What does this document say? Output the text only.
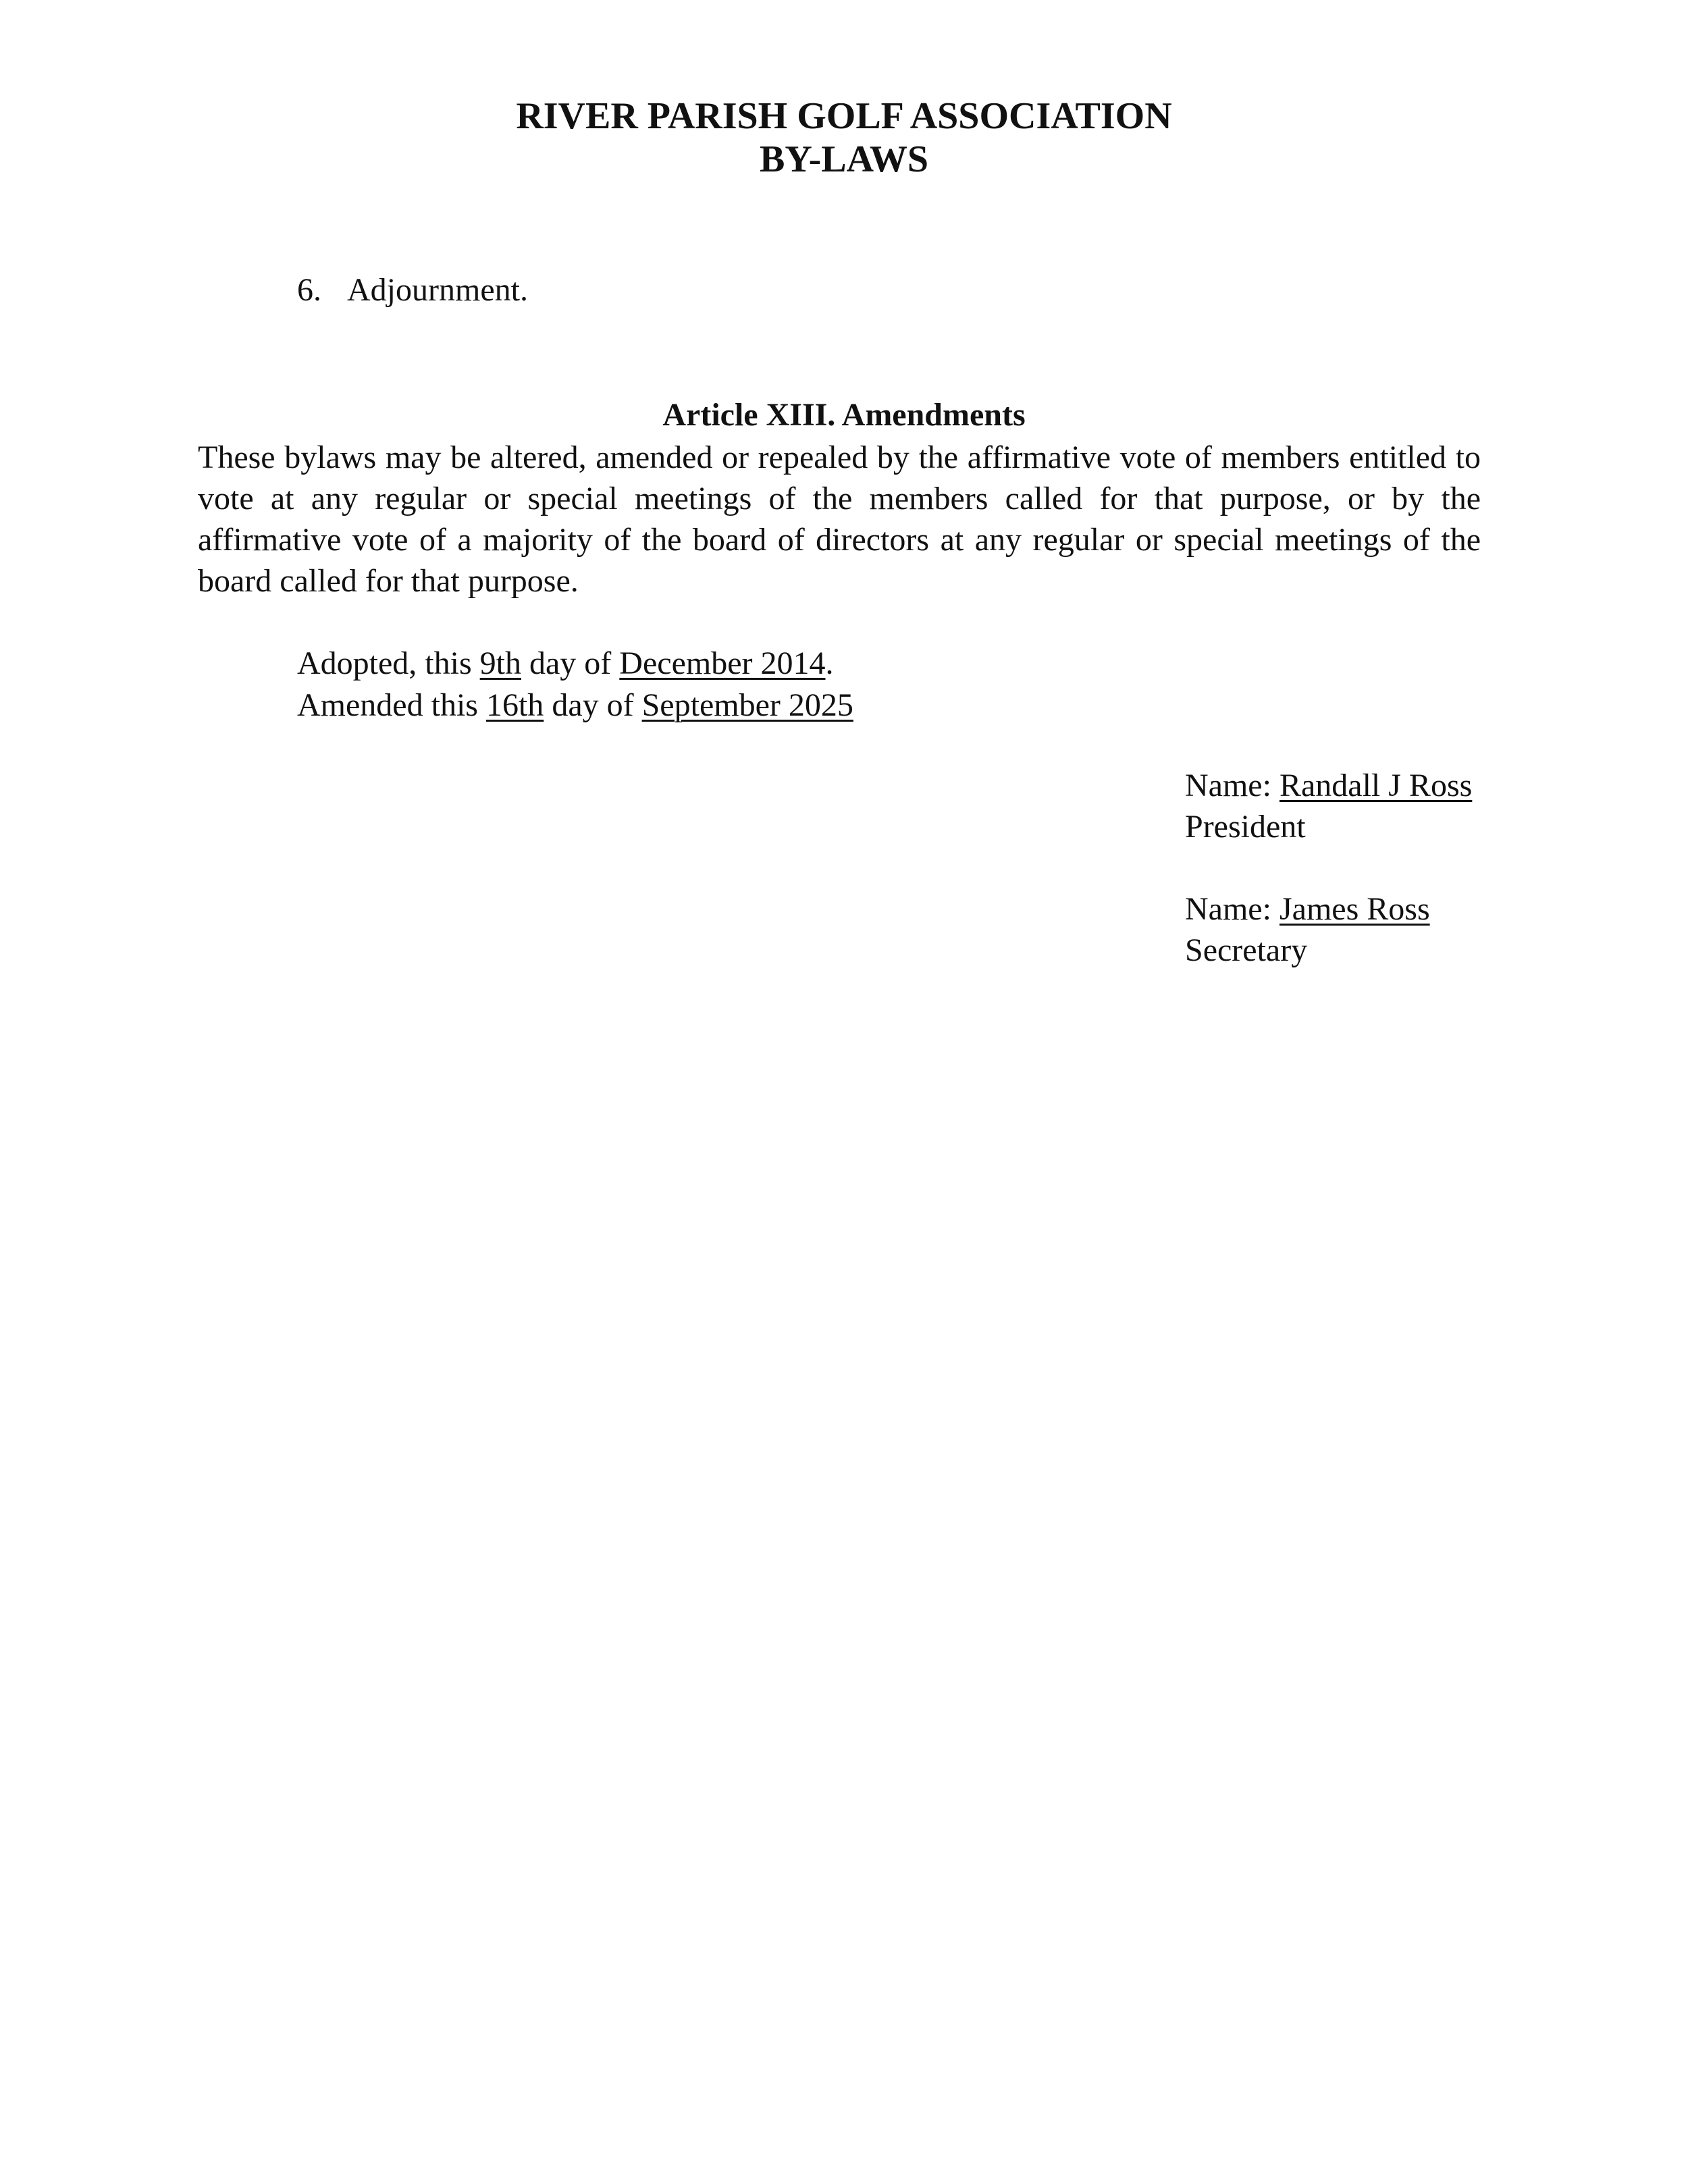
RIVER PARISH GOLF ASSOCIATION
BY-LAWS
6. Adjournment.
Article XIII. Amendments
These bylaws may be altered, amended or repealed by the affirmative vote of members entitled to vote at any regular or special meetings of the members called for that purpose, or by the affirmative vote of a majority of the board of directors at any regular or special meetings of the board called for that purpose.
Adopted, this 9th day of December 2014.
Amended this 16th day of September 2025
Name: Randall J Ross
President
Name: James Ross
Secretary
